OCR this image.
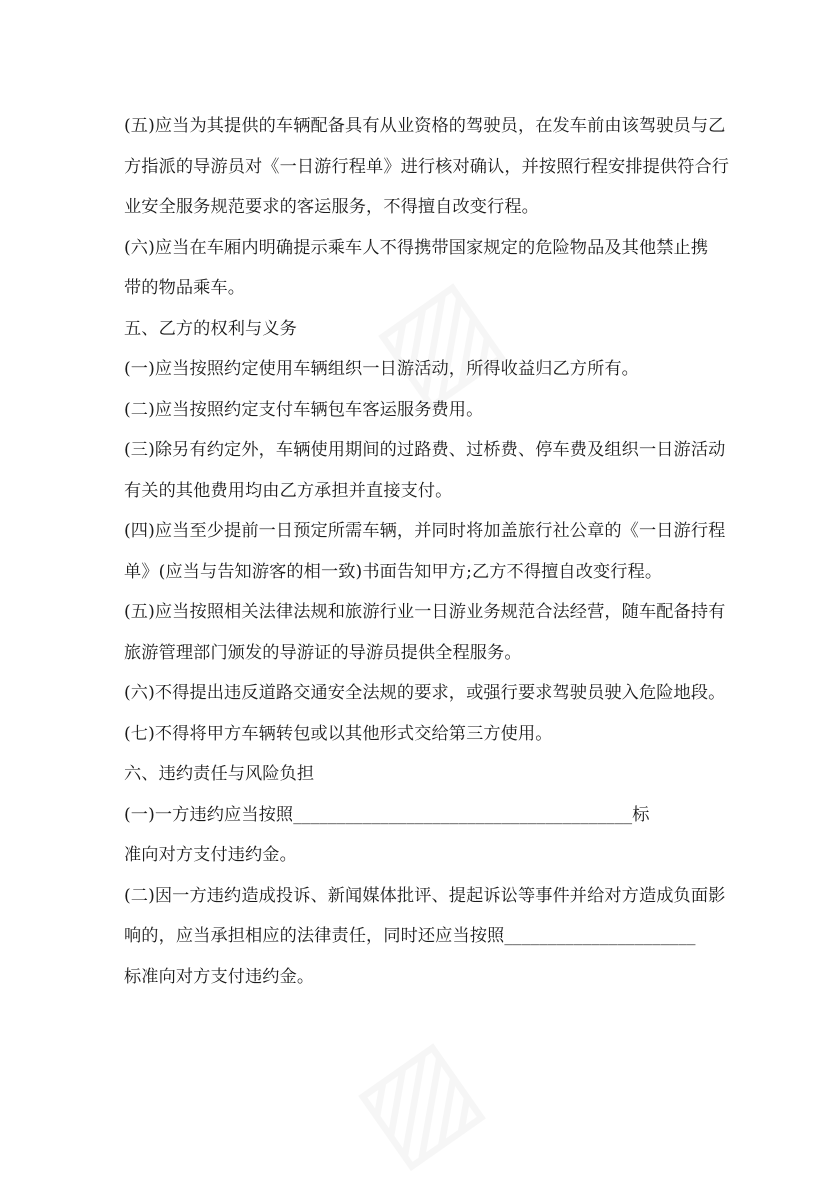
(五)应当为其提供的车辆配备具有从业资格的驾驶员，在发车前由该驾驶员与乙
方指派的导游员对《一日游行程单》进行核对确认，并按照行程安排提供符合行
业安全服务规范要求的客运服务，不得擅自改变行程。
(六)应当在车厢内明确提示乘车人不得携带国家规定的危险物品及其他禁止携
带的物品乘车。
五、乙方的权利与义务
(一)应当按照约定使用车辆组织一日游活动，所得收益归乙方所有。
(二)应当按照约定支付车辆包车客运服务费用。
(三)除另有约定外，车辆使用期间的过路费、过桥费、停车费及组织一日游活动
有关的其他费用均由乙方承担并直接支付。
(四)应当至少提前一日预定所需车辆，并同时将加盖旅行社公章的《一日游行程
单》(应当与告知游客的相一致)书面告知甲方;乙方不得擅自改变行程。
(五)应当按照相关法律法规和旅游行业一日游业务规范合法经营，随车配备持有
旅游管理部门颁发的导游证的导游员提供全程服务。
(六)不得提出违反道路交通安全法规的要求，或强行要求驾驶员驶入危险地段。
(七)不得将甲方车辆转包或以其他形式交给第三方使用。
六、违约责任与风险负担
(一)一方违约应当按照_______________________________________标
准向对方支付违约金。
(二)因一方违约造成投诉、新闻媒体批评、提起诉讼等事件并给对方造成负面影
响的，应当承担相应的法律责任，同时还应当按照______________________
标准向对方支付违约金。
